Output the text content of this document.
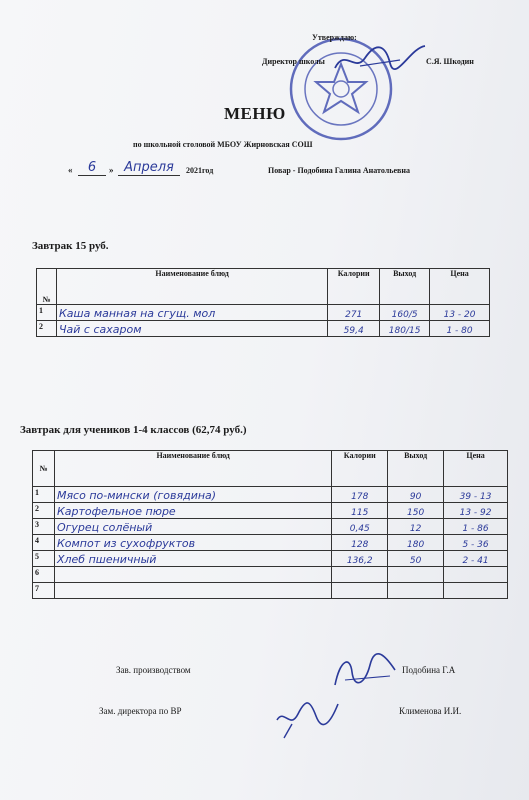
Утверждаю:
Директор школы	С.Я. Шкодин
МЕНЮ
по школьной столовой МБОУ Жирновская СОШ
«	6	» Апреля	2021год	Повар - Подобина Галина Анатольевна
Завтрак 15 руб.
№	Наименование блюд	Калории	Выход	Цена
1	Каша манная на сгущ. мол	271	160/5	13 - 20
2	Чай с сахаром	59,4	180/15	1 - 80
Завтрак для учеников 1-4 классов (62,74 руб.)
№	Наименование блюд	Калории	Выход	Цена
1	Мясо по-мински (говядина)	178	90	39 - 13
2	Картофельное пюре	115	150	13 - 92
3	Огурец солёный	0,45	12	1 - 86
4	Компот из сухофруктов	128	180	5 - 36
5	Хлеб пшеничный	136,2	50	2 - 41
6				
7				
Зав. производством	Подобина Г.А
Зам. директора по ВР	Клименова И.И.
